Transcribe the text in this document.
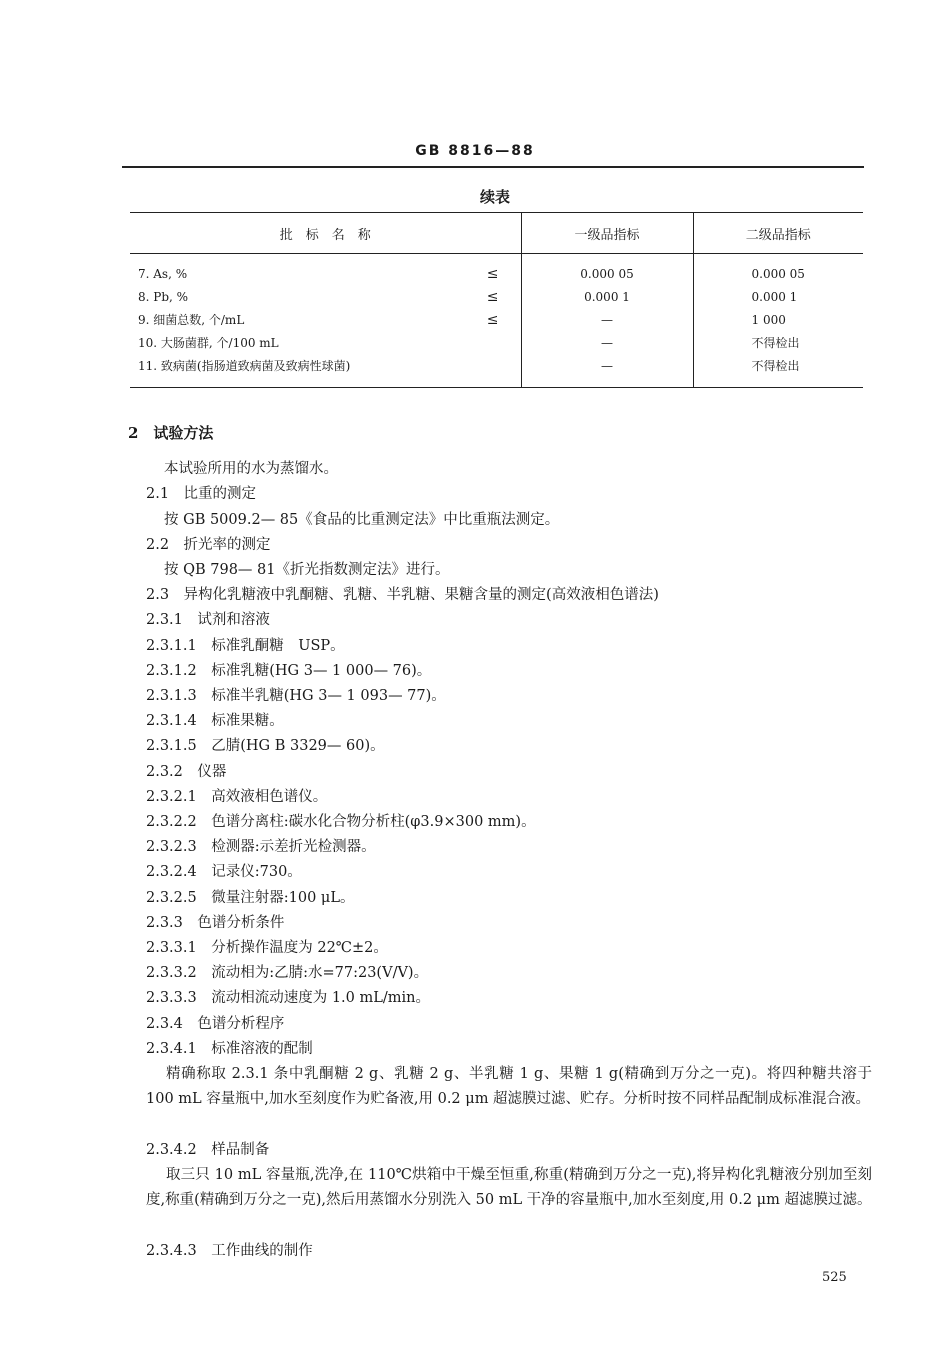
GB 8816—88
续表
批　标　名　称	一级品指标	二级品指标
7. As, % ≤	0.000 05	0.000 05
8. Pb, % ≤	0.000 1	0.000 1
9. 细菌总数, 个/mL ≤	—	1 000
10. 大肠菌群, 个/100 mL	—	不得检出
11. 致病菌(指肠道致病菌及致病性球菌)	—	不得检出
2　试验方法
本试验所用的水为蒸馏水。
2.1　比重的测定
按 GB 5009.2— 85《食品的比重测定法》中比重瓶法测定。
2.2　折光率的测定
按 QB 798— 81《折光指数测定法》进行。
2.3　异构化乳糖液中乳酮糖、乳糖、半乳糖、果糖含量的测定(高效液相色谱法)
2.3.1　试剂和溶液
2.3.1.1　标准乳酮糖　USP。
2.3.1.2　标准乳糖(HG 3— 1 000— 76)。
2.3.1.3　标准半乳糖(HG 3— 1 093— 77)。
2.3.1.4　标准果糖。
2.3.1.5　乙腈(HG B 3329— 60)。
2.3.2　仪器
2.3.2.1　高效液相色谱仪。
2.3.2.2　色谱分离柱:碳水化合物分析柱(φ3.9×300 mm)。
2.3.2.3　检测器:示差折光检测器。
2.3.2.4　记录仪:730。
2.3.2.5　微量注射器:100 μL。
2.3.3　色谱分析条件
2.3.3.1　分析操作温度为 22℃±2。
2.3.3.2　流动相为:乙腈:水=77:23(V/V)。
2.3.3.3　流动相流动速度为 1.0 mL/min。
2.3.4　色谱分析程序
2.3.4.1　标准溶液的配制
精确称取 2.3.1 条中乳酮糖 2 g、乳糖 2 g、半乳糖 1 g、果糖 1 g(精确到万分之一克)。将四种糖共溶于 100 mL 容量瓶中,加水至刻度作为贮备液,用 0.2 μm 超滤膜过滤、贮存。分析时按不同样品配制成标准混合液。
2.3.4.2　样品制备
取三只 10 mL 容量瓶,洗净,在 110℃烘箱中干燥至恒重,称重(精确到万分之一克),将异构化乳糖液分别加至刻度,称重(精确到万分之一克),然后用蒸馏水分别洗入 50 mL 干净的容量瓶中,加水至刻度,用 0.2 μm 超滤膜过滤。
2.3.4.3　工作曲线的制作
525
